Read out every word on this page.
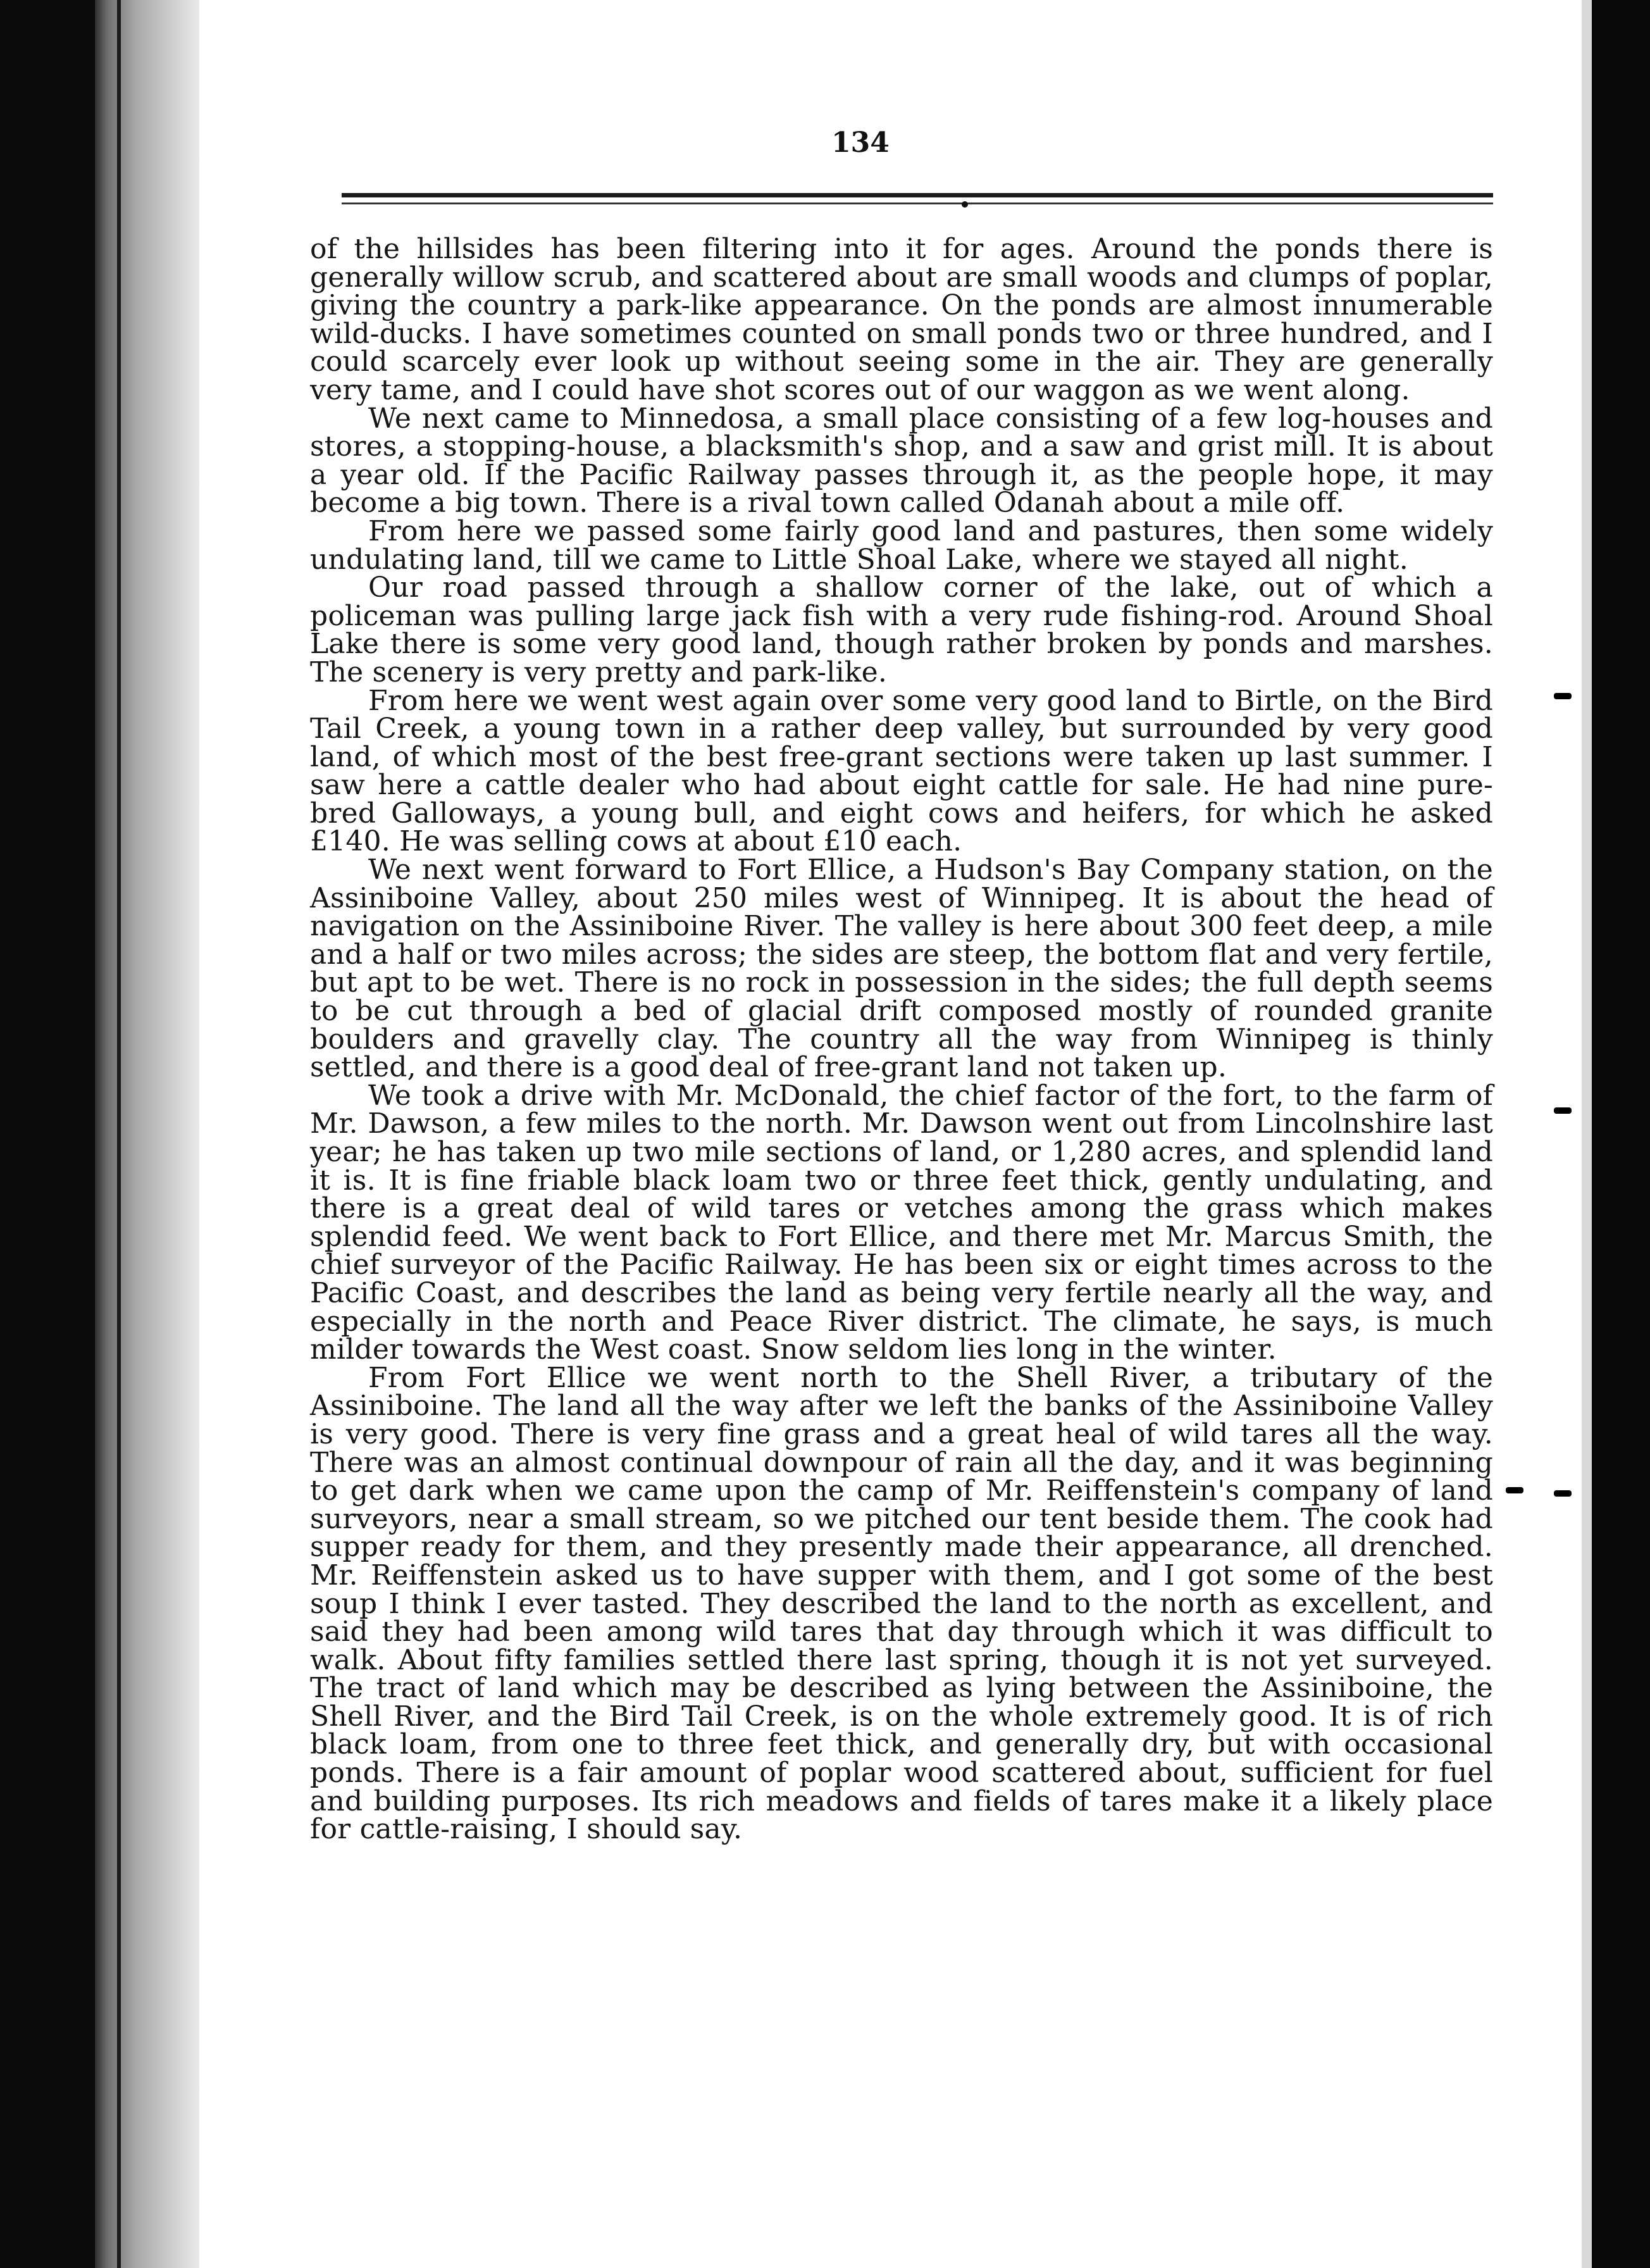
134

of the hillsides has been filtering into it for ages. Around the ponds there is generally willow scrub, and scattered about are small woods and clumps of poplar, giving the country a park-like appearance. On the ponds are almost innumerable wild-ducks. I have sometimes counted on small ponds two or three hundred, and I could scarcely ever look up without seeing some in the air. They are generally very tame, and I could have shot scores out of our waggon as we went along.

We next came to Minnedosa, a small place consisting of a few log-houses and stores, a stopping-house, a blacksmith's shop, and a saw and grist mill. It is about a year old. If the Pacific Railway passes through it, as the people hope, it may become a big town. There is a rival town called Odanah about a mile off.

From here we passed some fairly good land and pastures, then some widely undulating land, till we came to Little Shoal Lake, where we stayed all night.

Our road passed through a shallow corner of the lake, out of which a policeman was pulling large jack fish with a very rude fishing-rod. Around Shoal Lake there is some very good land, though rather broken by ponds and marshes. The scenery is very pretty and park-like.

From here we went west again over some very good land to Birtle, on the Bird Tail Creek, a young town in a rather deep valley, but surrounded by very good land, of which most of the best free-grant sections were taken up last summer. I saw here a cattle dealer who had about eight cattle for sale. He had nine pure-bred Galloways, a young bull, and eight cows and heifers, for which he asked £140. He was selling cows at about £10 each.

We next went forward to Fort Ellice, a Hudson's Bay Company station, on the Assiniboine Valley, about 250 miles west of Winnipeg. It is about the head of navigation on the Assiniboine River. The valley is here about 300 feet deep, a mile and a half or two miles across; the sides are steep, the bottom flat and very fertile, but apt to be wet. There is no rock in possession in the sides; the full depth seems to be cut through a bed of glacial drift composed mostly of rounded granite boulders and gravelly clay. The country all the way from Winnipeg is thinly settled, and there is a good deal of free-grant land not taken up.

We took a drive with Mr. McDonald, the chief factor of the fort, to the farm of Mr. Dawson, a few miles to the north. Mr. Dawson went out from Lincolnshire last year; he has taken up two mile sections of land, or 1,280 acres, and splendid land it is. It is fine friable black loam two or three feet thick, gently undulating, and there is a great deal of wild tares or vetches among the grass which makes splendid feed. We went back to Fort Ellice, and there met Mr. Marcus Smith, the chief surveyor of the Pacific Railway. He has been six or eight times across to the Pacific Coast, and describes the land as being very fertile nearly all the way, and especially in the north and Peace River district. The climate, he says, is much milder towards the West coast. Snow seldom lies long in the winter.

From Fort Ellice we went north to the Shell River, a tributary of the Assiniboine. The land all the way after we left the banks of the Assiniboine Valley is very good. There is very fine grass and a great heal of wild tares all the way. There was an almost continual downpour of rain all the day, and it was beginning to get dark when we came upon the camp of Mr. Reiffenstein's company of land surveyors, near a small stream, so we pitched our tent beside them. The cook had supper ready for them, and they presently made their appearance, all drenched. Mr. Reiffenstein asked us to have supper with them, and I got some of the best soup I think I ever tasted. They described the land to the north as excellent, and said they had been among wild tares that day through which it was difficult to walk. About fifty families settled there last spring, though it is not yet surveyed. The tract of land which may be described as lying between the Assiniboine, the Shell River, and the Bird Tail Creek, is on the whole extremely good. It is of rich black loam, from one to three feet thick, and generally dry, but with occasional ponds. There is a fair amount of poplar wood scattered about, sufficient for fuel and building purposes. Its rich meadows and fields of tares make it a likely place for cattle-raising, I should say.
